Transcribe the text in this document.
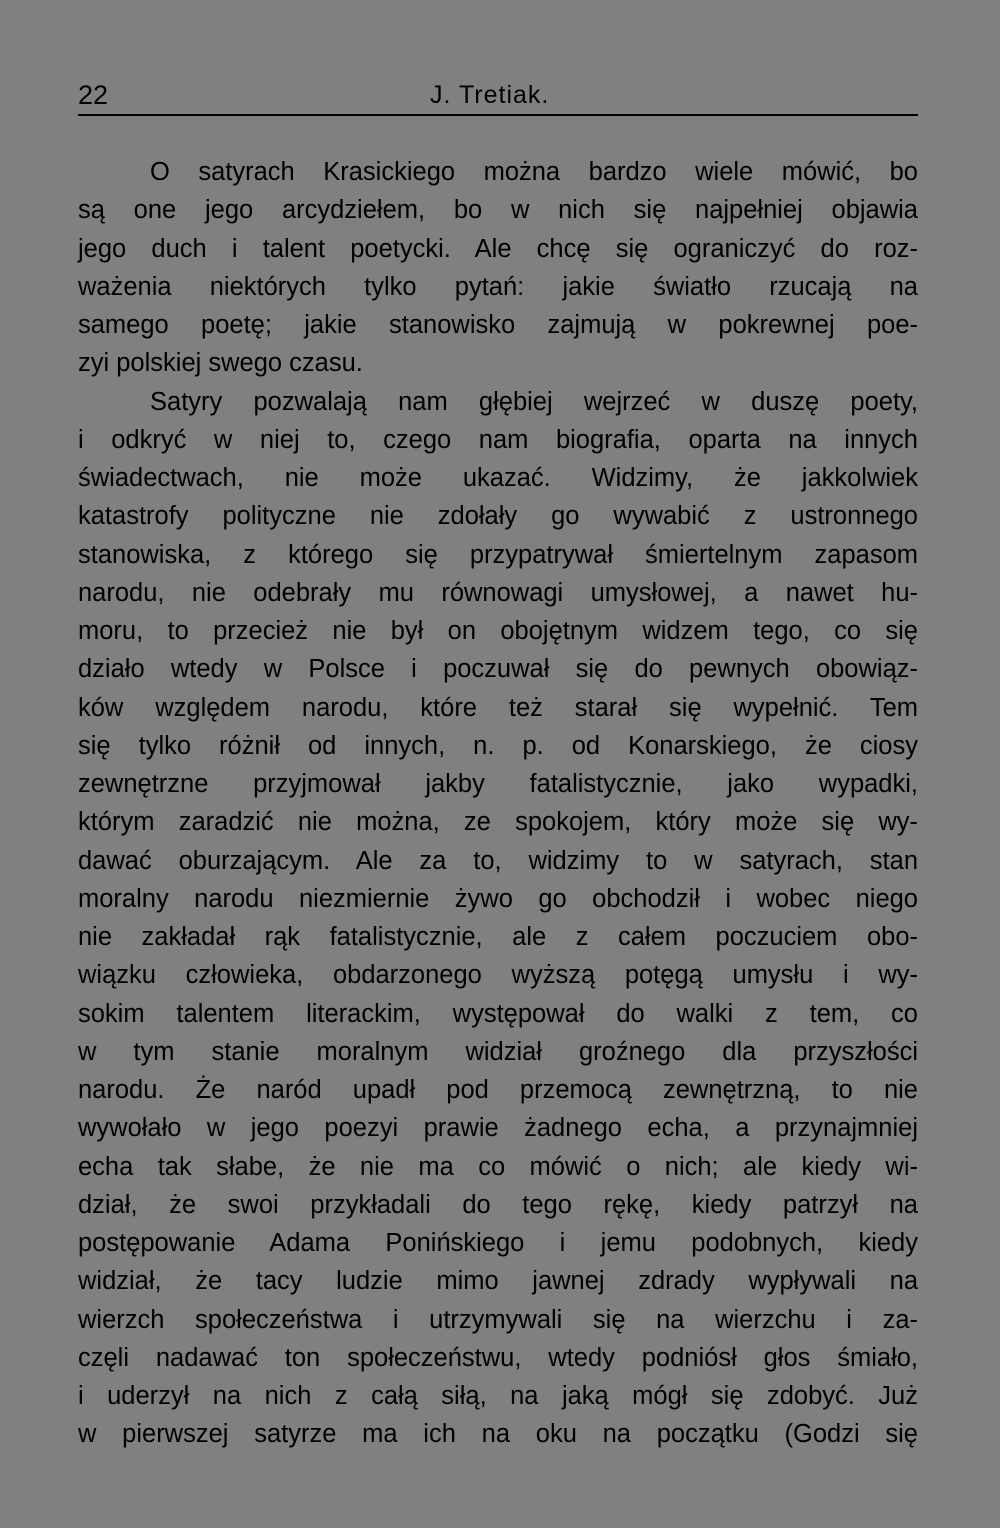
22	J. Tretiak.
O satyrach Krasickiego można bardzo wiele mówić, bo
są one jego arcydziełem, bo w nich się najpełniej objawia
jego duch i talent poetycki. Ale chcę się ograniczyć do roz-
ważenia niektórych tylko pytań: jakie światło rzucają na
samego poetę; jakie stanowisko zajmują w pokrewnej poe-
zyi polskiej swego czasu.
Satyry pozwalają nam głębiej wejrzeć w duszę poety,
i odkryć w niej to, czego nam biografia, oparta na innych
świadectwach, nie może ukazać. Widzimy, że jakkolwiek
katastrofy polityczne nie zdołały go wywabić z ustronnego
stanowiska, z którego się przypatrywał śmiertelnym zapasom
narodu, nie odebrały mu równowagi umysłowej, a nawet hu-
moru, to przecież nie był on obojętnym widzem tego, co się
działo wtedy w Polsce i poczuwał się do pewnych obowiąz-
ków względem narodu, które też starał się wypełnić. Tem
się tylko różnił od innych, n. p. od Konarskiego, że ciosy
zewnętrzne przyjmował jakby fatalistycznie, jako wypadki,
którym zaradzić nie można, ze spokojem, który może się wy-
dawać oburzającym. Ale za to, widzimy to w satyrach, stan
moralny narodu niezmiernie żywo go obchodził i wobec niego
nie zakładał rąk fatalistycznie, ale z całem poczuciem obo-
wiązku człowieka, obdarzonego wyższą potęgą umysłu i wy-
sokim talentem literackim, występował do walki z tem, co
w tym stanie moralnym widział groźnego dla przyszłości
narodu. Że naród upadł pod przemocą zewnętrzną, to nie
wywołało w jego poezyi prawie żadnego echa, a przynajmniej
echa tak słabe, że nie ma co mówić o nich; ale kiedy wi-
dział, że swoi przykładali do tego rękę, kiedy patrzył na
postępowanie Adama Ponińskiego i jemu podobnych, kiedy
widział, że tacy ludzie mimo jawnej zdrady wypływali na
wierzch społeczeństwa i utrzymywali się na wierzchu i za-
częli nadawać ton społeczeństwu, wtedy podniósł głos śmiało,
i uderzył na nich z całą siłą, na jaką mógł się zdobyć. Już
w pierwszej satyrze ma ich na oku na początku (Godzi się
